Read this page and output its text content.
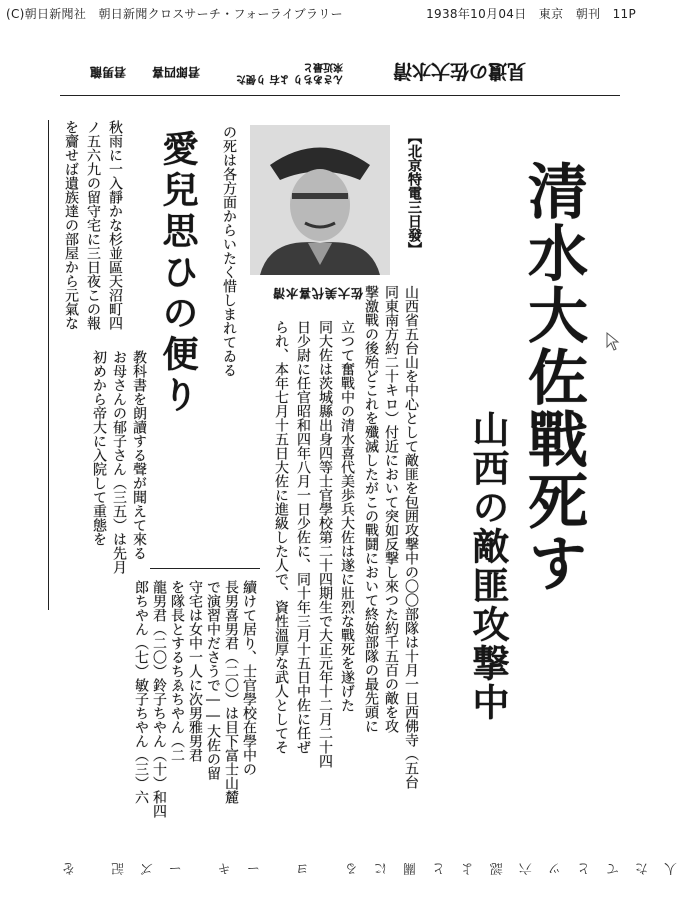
(C)朝日新聞社　朝日新聞クロスサーチ・フォーライブラリー	1938年10月04日　東京　朝刊　11P
君男龍 君郎四喜	んさあちり よ右 り便た來近最と	見遺の佐大水清
清水大佐戰死す
山西の敵匪攻撃中
【北京特電三日發】
山西省五台山を中心として敵匪を包囲攻撃中の〇〇部隊は十月一日西佛寺（五台
同東南方約二十キロ）付近において突如反撃し來つた約千五百の敵を攻
撃激戰の後殆どこれを殲滅したがこの戰鬪において終始部隊の最先頭に
立つて奮戰中の清水喜代美歩兵大佐は遂に壯烈な戰死を遂げた
同大佐は茨城縣出身四等士官學校第二十四期生で大正元年十二月二十四
日少尉に任官昭和四年八月一日少佐に、同十年三月十五日中佐に任ぜ
られ、本年七月十五日大佐に進級した人で、資性溫厚な武人としてそ
の死は各方面からいたく惜しまれてゐる	佐大美代喜水清
續けて居り、士官學校在學中の
長男喜男君（二〇）は目下富士山麓
で演習中ださうで――大佐の留
守宅は女中一人に次男雅男君
を隊長とするちゑちやん（二
龍男君（二〇）鈴子ちやん（十）和四
郎ちやん（七）敏子ちやん（三）六
愛兒思ひの便り
教科書を朗讀する聲が聞えて來る
お母さんの郁子さん（三五）は先月
初めから帝大に入院して重態を
秋雨に一入靜かな杉並區天沼町四
ノ五六九の留守宅に三日夜この報
を齎せば遺族達の部屋から元氣な
人たてとツ六認よと關にる ヨ ーキ ーズ記 を
